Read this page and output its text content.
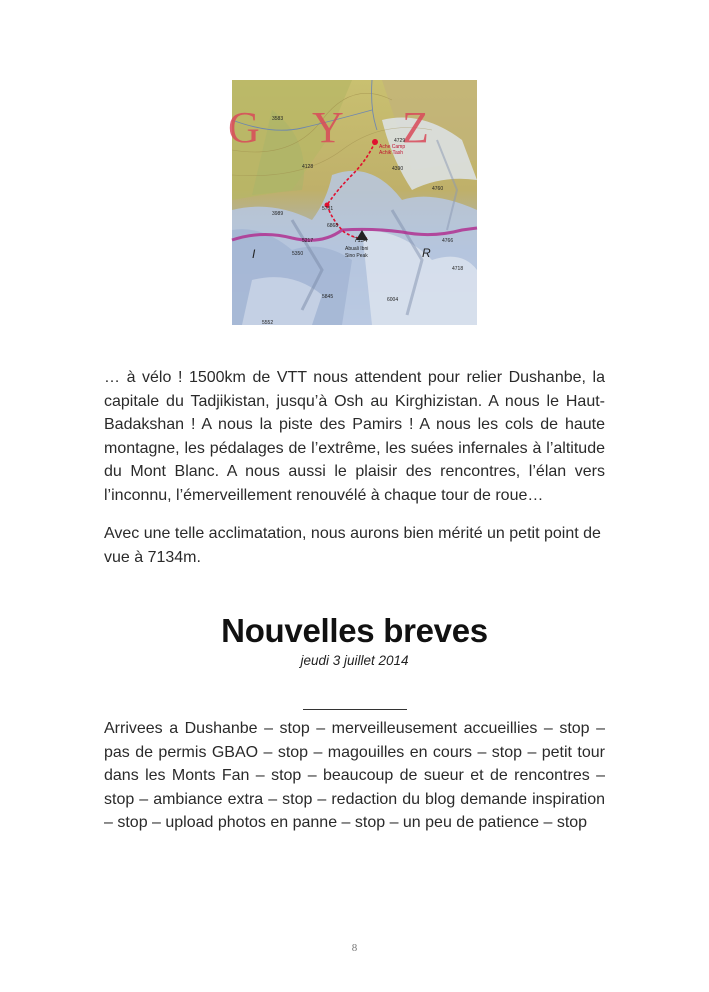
G Y Z
Ache Camp
Achik Tash
Abuali Ibni
Sino Peak
7134
4729
4128
3583
5731
5217
6868
5845	6004
5552
4390
3989
4760
4766
5350
4718
I	R

… à vélo ! 1500km de VTT nous attendent pour relier Dushanbe, la capitale du Tadjikistan, jusqu’à Osh au Kirghizistan. A nous le Haut-Badakshan ! A nous la piste des Pamirs ! A nous les cols de haute montagne, les pédalages de l’extrême, les suées infernales à l’altitude du Mont Blanc. A nous aussi le plaisir des rencontres, l’élan vers l’inconnu, l’émerveillement renouvélé à chaque tour de roue…

Avec une telle acclimatation, nous aurons bien mérité un petit point de vue à 7134m.

Nouvelles breves
jeudi 3 juillet 2014

Arrivees a Dushanbe – stop – merveilleusement accueillies – stop – pas de permis GBAO – stop – magouilles en cours – stop – petit tour dans les Monts Fan – stop – beaucoup de sueur et de rencontres – stop – ambiance extra – stop – redaction du blog demande inspiration – stop – upload photos en panne – stop – un peu de patience – stop

8
